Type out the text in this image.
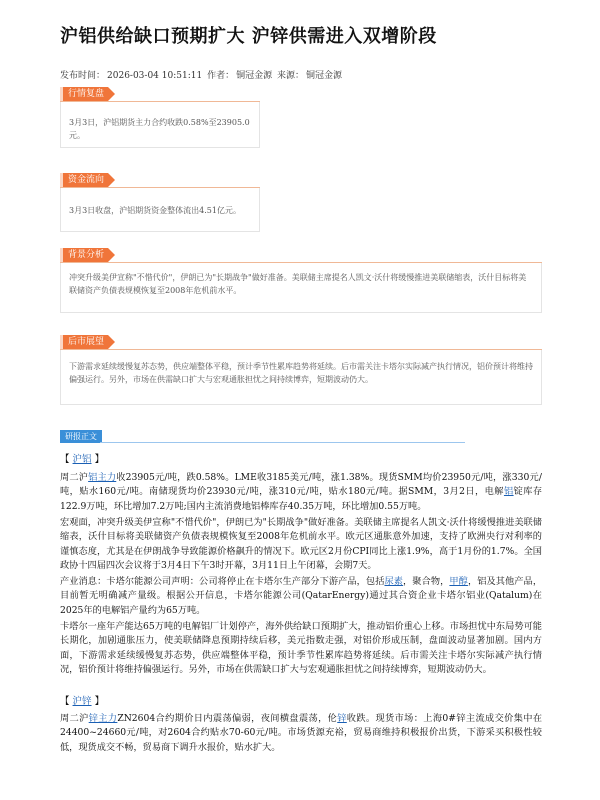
沪铝供给缺口预期扩大 沪锌供需进入双增阶段
发布时间： 2026-03-04 10:51:11 作者： 铜冠金源 来源： 铜冠金源
行情复盘
3月3日，沪铝期货主力合约收跌0.58%至23905.0元。
资金流向
3月3日收盘，沪铝期货资金整体流出4.51亿元。
背景分析
冲突升级美伊宣称"不惜代价"，伊朗已为"长期战争"做好准备。美联储主席提名人凯文·沃什将缓慢推进美联储缩表，沃什目标将美联储资产负债表规模恢复至2008年危机前水平。
后市展望
下游需求延续缓慢复苏态势，供应端整体平稳，预计季节性累库趋势将延续。后市需关注卡塔尔实际减产执行情况，铝价预计将维持偏强运行。另外，市场在供需缺口扩大与宏观通胀担忧之间持续博弈，短期波动仍大。
研报正文
【 沪铝 】
周二沪铝主力收23905元/吨，跌0.58%。LME收3185美元/吨，涨1.38%。现货SMM均价23950元/吨，涨330元/吨，贴水160元/吨。南储现货均价23930元/吨，涨310元/吨，贴水180元/吨。据SMM，3月2日，电解铝锭库存122.9万吨，环比增加7.2万吨;国内主流消费地铝棒库存40.35万吨，环比增加0.55万吨。
宏观面，冲突升级美伊宣称"不惜代价"，伊朗已为"长期战争"做好准备。美联储主席提名人凯文·沃什将缓慢推进美联储缩表，沃什目标将美联储资产负债表规模恢复至2008年危机前水平。欧元区通胀意外加速，支持了欧洲央行对利率的谨慎态度，尤其是在伊朗战争导致能源价格飙升的情况下。欧元区2月份CPI同比上涨1.9%，高于1月份的1.7%。全国政协十四届四次会议将于3月4日下午3时开幕，3月11日上午闭幕，会期7天。
产业消息：卡塔尔能源公司声明：公司将停止在卡塔尔生产部分下游产品，包括尿素，聚合物，甲醇，铝及其他产品，目前暂无明确减产量级。根据公开信息，卡塔尔能源公司(QatarEnergy)通过其合资企业卡塔尔铝业(Qatalum)在2025年的电解铝产量约为65万吨。
卡塔尔一座年产能达65万吨的电解铝厂计划停产，海外供给缺口预期扩大，推动铝价重心上移。市场担忧中东局势可能长期化，加剧通胀压力，使美联储降息预期持续后移，美元指数走强，对铝价形成压制，盘面波动显著加剧。国内方面，下游需求延续缓慢复苏态势，供应端整体平稳，预计季节性累库趋势将延续。后市需关注卡塔尔实际减产执行情况，铝价预计将维持偏强运行。另外，市场在供需缺口扩大与宏观通胀担忧之间持续博弈，短期波动仍大。
【 沪锌 】
周二沪锌主力ZN2604合约期价日内震荡偏弱，夜间横盘震荡，伦锌收跌。现货市场：上海0#锌主流成交价集中在24400~24660元/吨，对2604合约贴水70-60元/吨。市场货源充裕，贸易商维持积极报价出货，下游采买积极性较低，现货成交不畅，贸易商下调升水报价，贴水扩大。
